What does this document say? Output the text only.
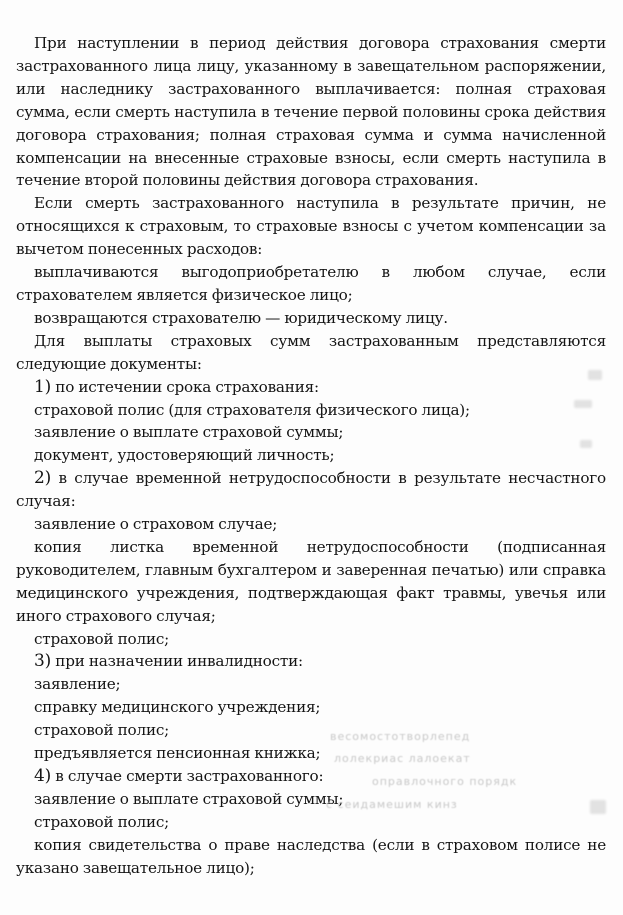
При наступлении в период действия договора страхования смерти застрахованного лица лицу, указанному в завещательном распоряжении, или наследнику застрахованного выплачивается: полная страховая сумма, если смерть наступила в течение первой половины срока действия договора страхования; полная страховая сумма и сумма начисленной компенсации на внесенные страховые взносы, если смерть наступила в течение второй половины действия договора страхования.

Если смерть застрахованного наступила в результате причин, не относящихся к страховым, то страховые взносы с учетом компенсации за вычетом понесенных расходов:

выплачиваются выгодоприобретателю в любом случае, если страхователем является физическое лицо;

возвращаются страхователю — юридическому лицу.

Для выплаты страховых сумм застрахованным представляются следующие документы:

1) по истечении срока страхования:

страховой полис (для страхователя физического лица);

заявление о выплате страховой суммы;

документ, удостоверяющий личность;

2) в случае временной нетрудоспособности в результате несчастного случая:

заявление о страховом случае;

копия листка временной нетрудоспособности (подписанная руководителем, главным бухгалтером и заверенная печатью) или справка медицинского учреждения, подтверждающая факт травмы, увечья или иного страхового случая;

страховой полис;

3) при назначении инвалидности:

заявление;

справку медицинского учреждения;

страховой полис;

предъявляется пенсионная книжка;

4) в случае смерти застрахованного:

заявление о выплате страховой суммы;

страховой полис;

копия свидетельства о праве наследства (если в страховом полисе не указано завещательное лицо);

весомостотворлепед
лолекриас лалоекат
оправлочного порядк
с сеидамешим кинз
